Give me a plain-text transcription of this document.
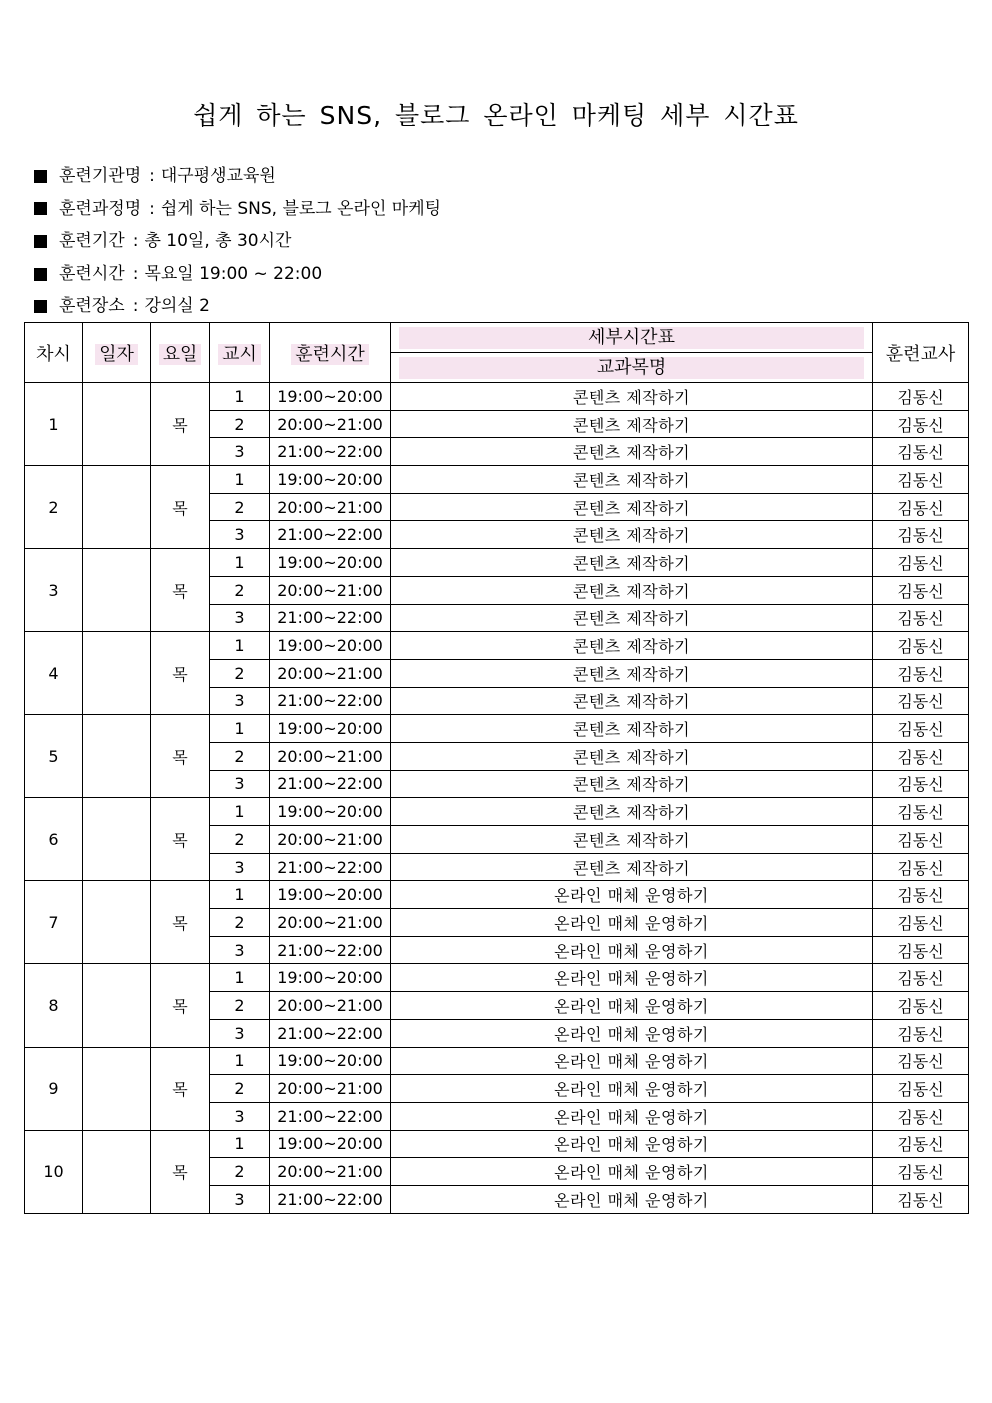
쉽게 하는 SNS, 블로그 온라인 마케팅 세부 시간표
훈련기관명 : 대구평생교육원
훈련과정명 : 쉽게 하는 SNS, 블로그 온라인 마케팅
훈련기간 : 총 10일, 총 30시간
훈련시간 : 목요일 19:00 ~ 22:00
훈련장소 : 강의실 2
차시	일자	요일	교시	훈련시간	세부시간표	훈련교사

					교과목명	

1		목	1	19:00~20:00	콘텐츠 제작하기	김동신
			2	20:00~21:00	콘텐츠 제작하기	김동신
			3	21:00~22:00	콘텐츠 제작하기	김동신
2		목	1	19:00~20:00	콘텐츠 제작하기	김동신
			2	20:00~21:00	콘텐츠 제작하기	김동신
			3	21:00~22:00	콘텐츠 제작하기	김동신
3		목	1	19:00~20:00	콘텐츠 제작하기	김동신
			2	20:00~21:00	콘텐츠 제작하기	김동신
			3	21:00~22:00	콘텐츠 제작하기	김동신
4		목	1	19:00~20:00	콘텐츠 제작하기	김동신
			2	20:00~21:00	콘텐츠 제작하기	김동신
			3	21:00~22:00	콘텐츠 제작하기	김동신
5		목	1	19:00~20:00	콘텐츠 제작하기	김동신
			2	20:00~21:00	콘텐츠 제작하기	김동신
			3	21:00~22:00	콘텐츠 제작하기	김동신
6		목	1	19:00~20:00	콘텐츠 제작하기	김동신
			2	20:00~21:00	콘텐츠 제작하기	김동신
			3	21:00~22:00	콘텐츠 제작하기	김동신
7		목	1	19:00~20:00	온라인 매체 운영하기	김동신
			2	20:00~21:00	온라인 매체 운영하기	김동신
			3	21:00~22:00	온라인 매체 운영하기	김동신
8		목	1	19:00~20:00	온라인 매체 운영하기	김동신
			2	20:00~21:00	온라인 매체 운영하기	김동신
			3	21:00~22:00	온라인 매체 운영하기	김동신
9		목	1	19:00~20:00	온라인 매체 운영하기	김동신
			2	20:00~21:00	온라인 매체 운영하기	김동신
			3	21:00~22:00	온라인 매체 운영하기	김동신
10		목	1	19:00~20:00	온라인 매체 운영하기	김동신
			2	20:00~21:00	온라인 매체 운영하기	김동신
			3	21:00~22:00	온라인 매체 운영하기	김동신
